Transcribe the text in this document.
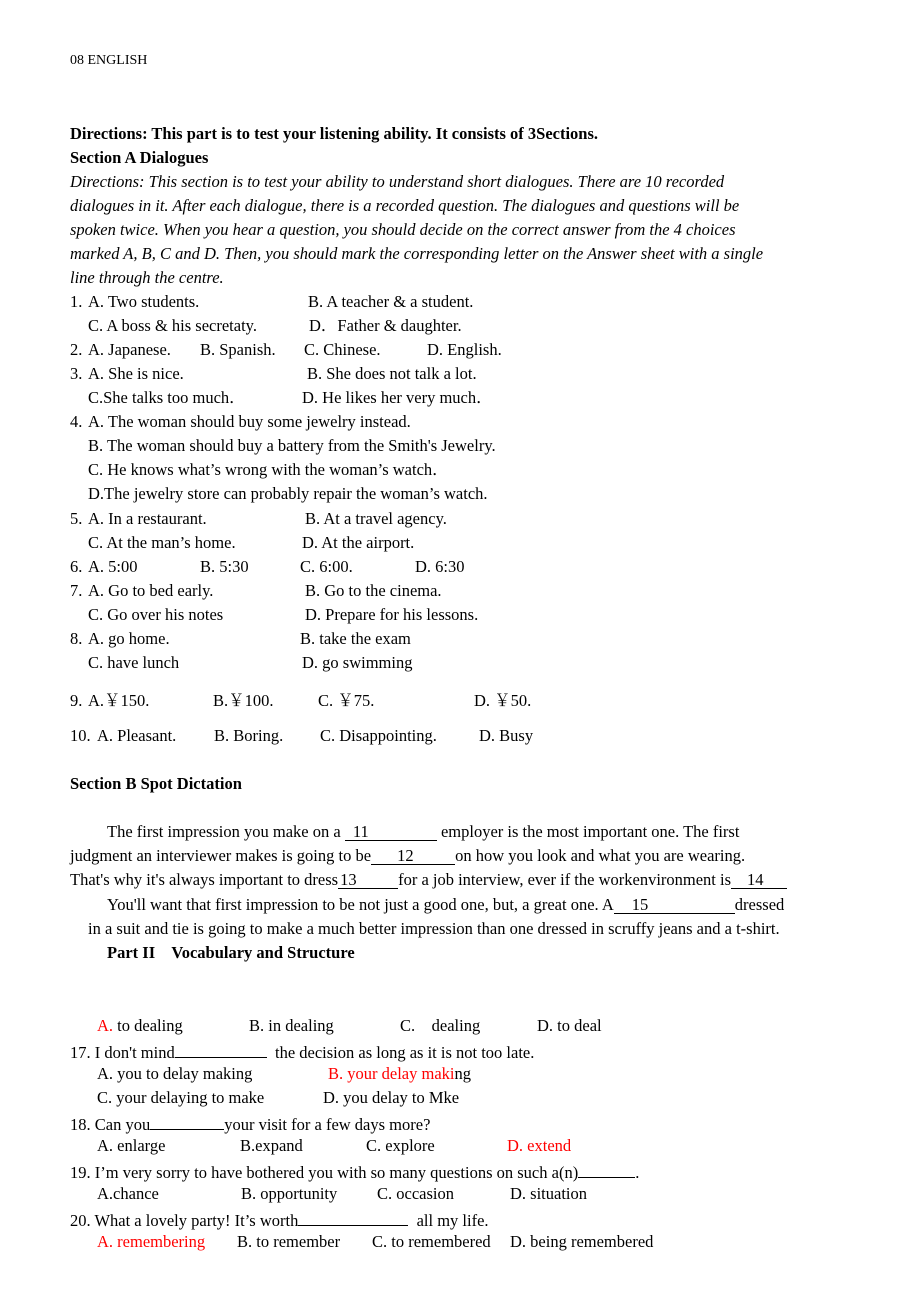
08 ENGLISH
Directions: This part is to test your listening ability. It consists of 3Sections.
Section A Dialogues
Directions: This section is to test your ability to understand short dialogues. There are 10 recorded
dialogues in it. After each dialogue, there is a recorded question. The dialogues and questions will be
spoken twice. When you hear a question, you should decide on the correct answer from the 4 choices
marked A, B, C and D. Then, you should mark the corresponding letter on the Answer sheet with a single
line through the centre.
1. A. Two students.	B. A teacher & a student.
C. A boss & his secretaty.	D．Father & daughter.
2. A. Japanese. B. Spanish. C. Chinese.	D. English.
3. A. She is nice.	B. She does not talk a lot.
C.She talks too much．	D. He likes her very much．
4. A. The woman should buy some jewelry instead.
B. The woman should buy a battery from the Smith's Jewelry.
C. He knows what’s wrong with the woman’s watch．
D.The jewelry store can probably repair the woman’s watch.
5. A. In a restaurant.	B. At a travel agency.
C. At the man’s home.	D. At the airport.
6. A. 5:00	B. 5:30	C. 6:00.	D. 6:30
7. A. Go to bed early.	B. Go to the cinema.
C. Go over his notes	D. Prepare for his lessons.
8. A. go home.	B. take the exam
C. have lunch	D. go swimming
9. A.￥150.	B.￥100.	C. ￥75.	D. ￥50.
10. A. Pleasant. B. Boring. C. Disappointing.	D. Busy
Section B Spot Dictation
The first impression you make on a 11	employer is the most important one. The first
judgment an interviewer makes is going to be 12	on how you look and what you are wearing.
That's why it's always important to dress 13	for a job interview, ever if the workenvironment is 14
You'll want that first impression to be not just a good one, but, a great one. A 15	dressed
in a suit and tie is going to make a much better impression than one dressed in scruffy jeans and a t-shirt.
Part II    Vocabulary and Structure
A. to dealing	B. in dealing	C.    dealing	D. to deal
17. I don't mind	the decision as long as it is not too late.
A. you to delay making	B. your delay making
C. your delaying to make	D. you delay to Mke
18. Can you	your visit for a few days more?
A. enlarge	B.expand	C. explore	D. extend
19. I’m very sorry to have bothered you with so many questions on such a(n)	.
A.chance	B. opportunity C. occasion	D. situation
20. What a lovely party! It’s worth	all my life.
A. remembering B. to remember C. to remembered D. being remembered
